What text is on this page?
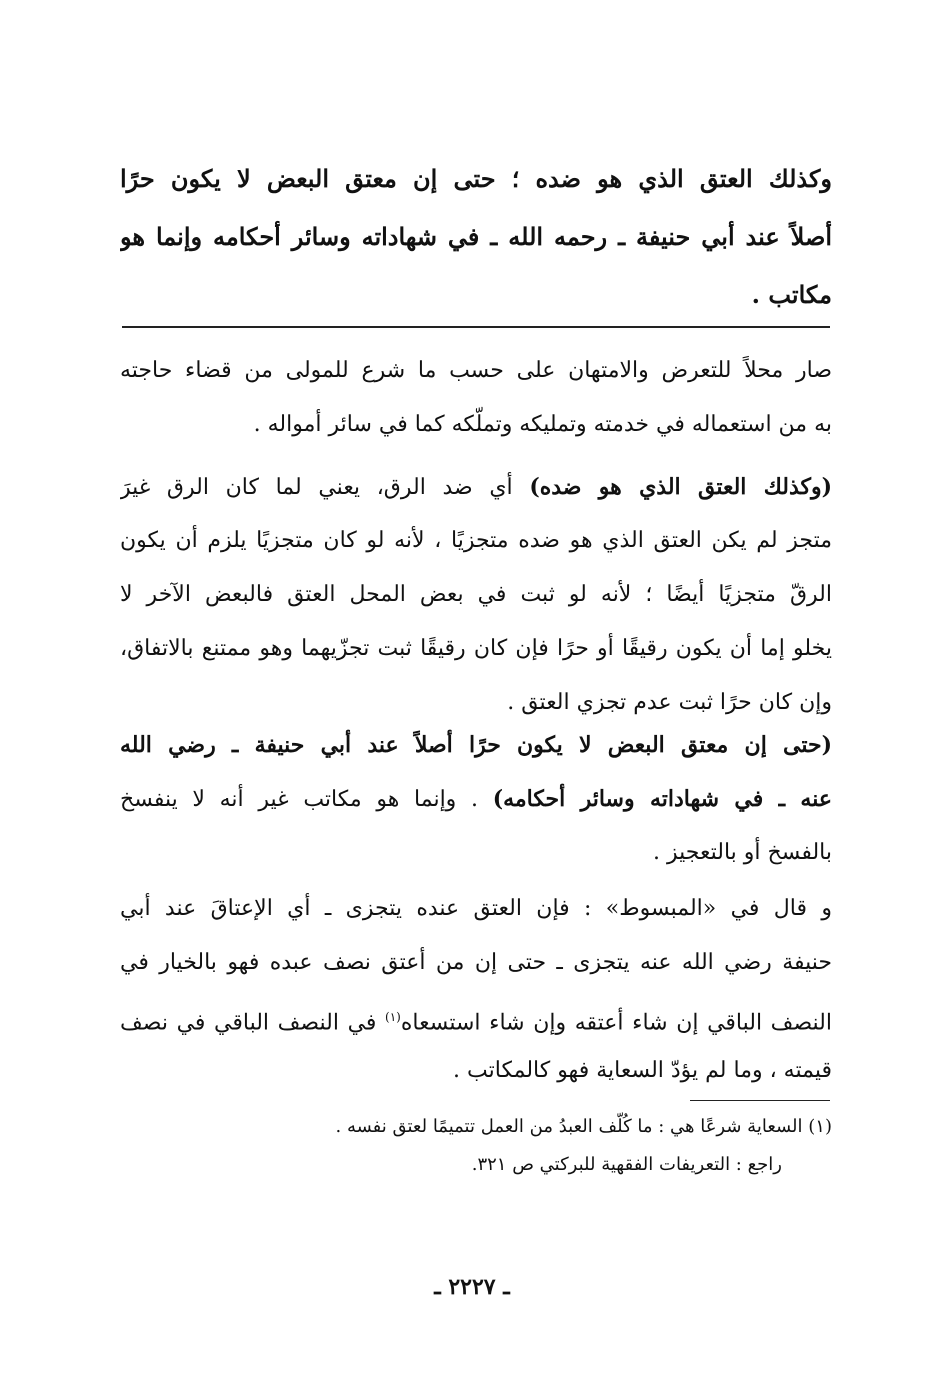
وكذلك العتق الذي هو ضده ؛ حتى إن معتق البعض لا يكون حرًا
أصلاً عند أبي حنيفة ـ رحمه الله ـ في شهاداته وسائر أحكامه وإنما هو
مكاتب .
صار محلاً للتعرض والامتهان على حسب ما شرع للمولى من قضاء حاجته
به من استعماله في خدمته وتمليكه وتملّكه كما في سائر أمواله .
(وكذلك العتق الذي هو ضده) أي ضد الرق، يعني لما كان الرق غيرَ
متجز لم يكن العتق الذي هو ضده متجزيًا ، لأنه لو كان متجزيًا يلزم أن يكون
الرقّ متجزيًا أيضًا ؛ لأنه لو ثبت في بعض المحل العتق فالبعض الآخر لا
يخلو إما أن يكون رقيقًا أو حرًا فإن كان رقيقًا ثبت تجزّيهما وهو ممتنع بالاتفاق،
وإن كان حرًا ثبت عدم تجزي العتق .
(حتى إن معتق البعض لا يكون حرًا أصلاً عند أبي حنيفة ـ رضي الله
عنه ـ في شهاداته وسائر أحكامه) . وإنما هو مكاتب غير أنه لا ينفسخ
بالفسخ أو بالتعجيز .
و قال في «المبسوط» : فإن العتق عنده يتجزى ـ أي الإعتاقَ عند أبي
حنيفة رضي الله عنه يتجزى ـ حتى إن من أعتق نصف عبده فهو بالخيار في
النصف الباقي إن شاء أعتقه وإن شاء استسعاه$^{(١)}$ في النصف الباقي في نصف
قيمته ، وما لم يؤدّ السعاية فهو كالمكاتب .
(١) السعاية شرعًا هي : ما كُلّف العبدُ من العمل تتميمًا لعتق نفسه .
راجع : التعريفات الفقهية للبركتي ص ٣٢١.
ـ ٢٢٢٧ ـ
